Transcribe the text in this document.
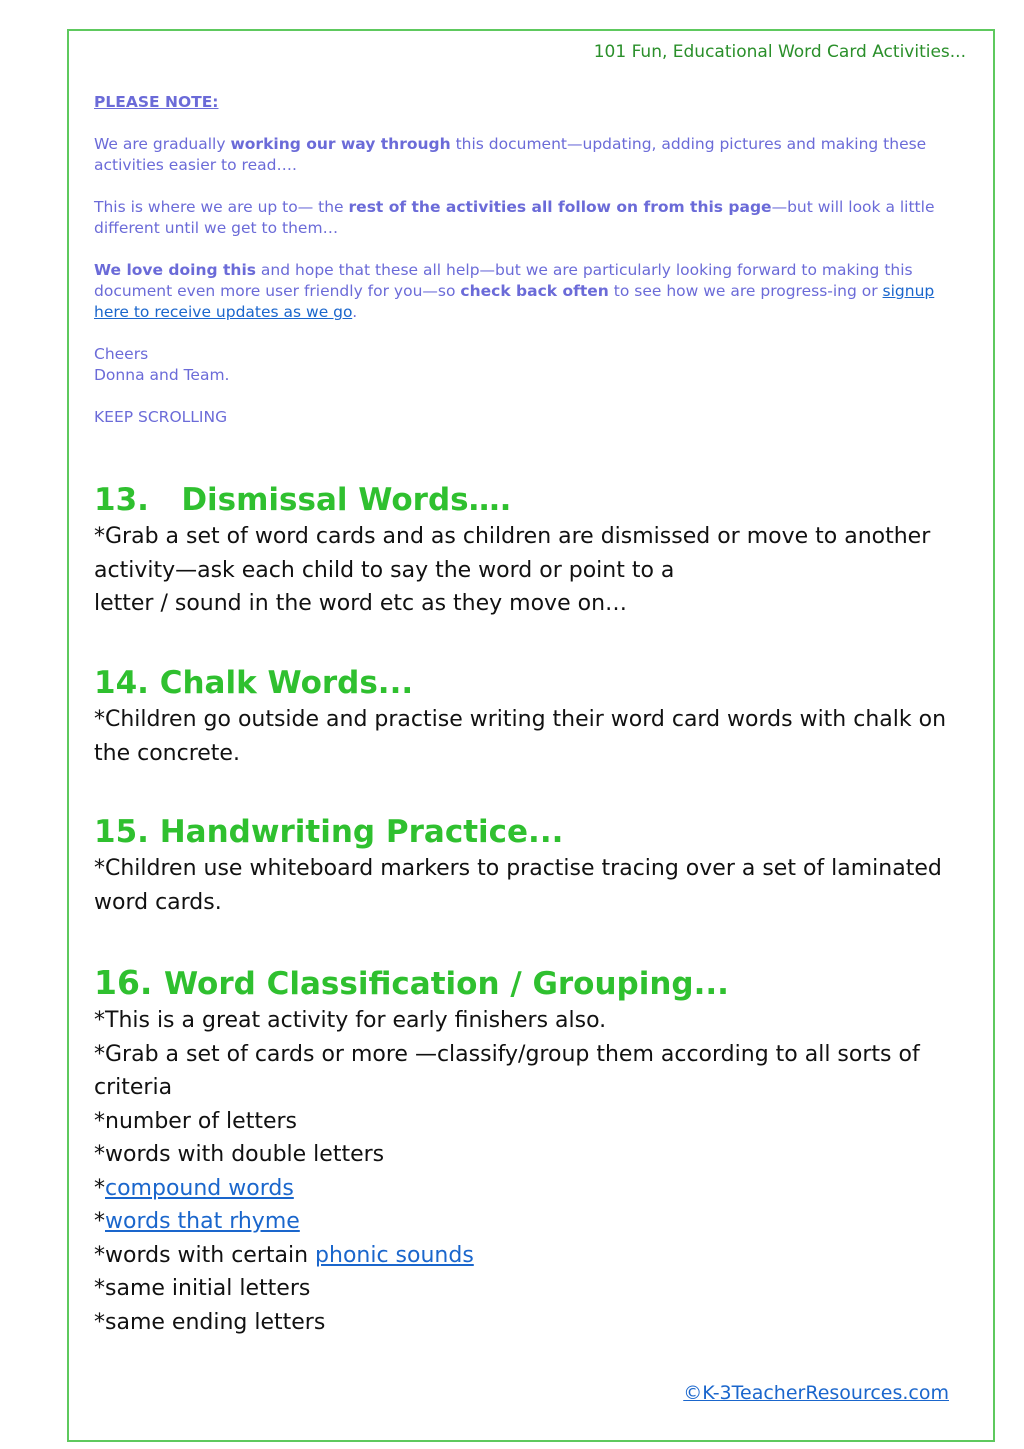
101 Fun, Educational Word Card Activities...

PLEASE NOTE:

We are gradually working our way through this document—updating, adding pictures and making these activities easier to read….

This is where we are up to— the rest of the activities all follow on from this page—but will look a little different until we get to them…

We love doing this and hope that these all help—but we are particularly looking forward to making this document even more user friendly for you—so check back often to see how we are progress-ing or signup here to receive updates as we go.

Cheers
Donna and Team.

KEEP SCROLLING

13. Dismissal Words….

*Grab a set of word cards and as children are dismissed or move to another

activity—ask each child to say the word or point to a

letter / sound in the word etc as they move on…

14. Chalk Words...

*Children go outside and practise writing their word card words with chalk on

the concrete.

15. Handwriting Practice...

*Children use whiteboard markers to practise tracing over a set of laminated

word cards.

16. Word Classification / Grouping...

*This is a great activity for early finishers also.

*Grab a set of cards or more —classify/group them according to all sorts of

criteria

*number of letters

*words with double letters

*compound words

*words that rhyme

*words with certain phonic sounds

*same initial letters

*same ending letters

©K-3TeacherResources.com
